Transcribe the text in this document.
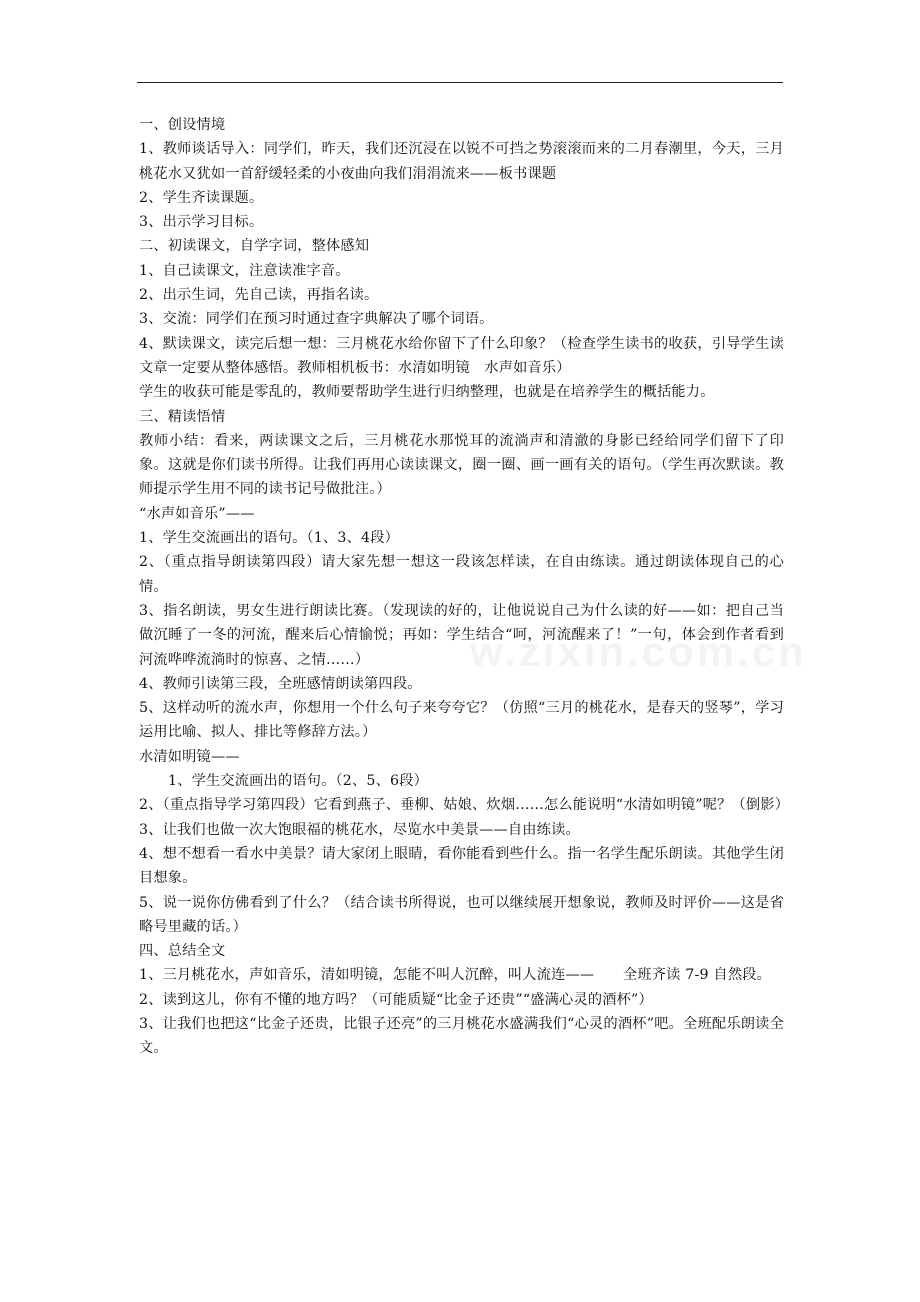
一、创设情境

1、教师谈话导入：同学们，昨天，我们还沉浸在以锐不可挡之势滚滚而来的二月春潮里，今天，三月桃花水又犹如一首舒缓轻柔的小夜曲向我们涓涓流来——板书课题

2、学生齐读课题。

3、出示学习目标。

二、初读课文，自学字词，整体感知

1、自己读课文，注意读准字音。

2、出示生词，先自己读，再指名读。

3、交流：同学们在预习时通过查字典解决了哪个词语。

4、默读课文，读完后想一想：三月桃花水给你留下了什么印象？（检查学生读书的收获，引导学生读文章一定要从整体感悟。教师相机板书：水清如明镜　水声如音乐）

学生的收获可能是零乱的，教师要帮助学生进行归纳整理，也就是在培养学生的概括能力。

三、精读悟情

教师小结：看来，两读课文之后，三月桃花水那悦耳的流淌声和清澈的身影已经给同学们留下了印象。这就是你们读书所得。让我们再用心读读课文，圈一圈、画一画有关的语句。（学生再次默读。教师提示学生用不同的读书记号做批注。）

“水声如音乐”——

1、学生交流画出的语句。（1、3、4段）

2、（重点指导朗读第四段）请大家先想一想这一段该怎样读，在自由练读。通过朗读体现自己的心情。

3、指名朗读，男女生进行朗读比赛。（发现读的好的，让他说说自己为什么读的好——如：把自己当做沉睡了一冬的河流，醒来后心情愉悦；再如：学生结合“呵，河流醒来了！”一句，体会到作者看到河流哗哗流淌时的惊喜、之情……）

4、教师引读第三段，全班感情朗读第四段。

5、这样动听的流水声，你想用一个什么句子来夸夸它？（仿照“三月的桃花水，是春天的竖琴”，学习运用比喻、拟人、排比等修辞方法。）

水清如明镜——

1、学生交流画出的语句。（2、5、6段）

2、（重点指导学习第四段）它看到燕子、垂柳、姑娘、炊烟……怎么能说明“水清如明镜”呢？（倒影）

3、让我们也做一次大饱眼福的桃花水，尽览水中美景——自由练读。

4、想不想看一看水中美景？请大家闭上眼睛，看你能看到些什么。指一名学生配乐朗读。其他学生闭目想象。

5、说一说你仿佛看到了什么？（结合读书所得说，也可以继续展开想象说，教师及时评价——这是省略号里藏的话。）

四、总结全文

1、三月桃花水，声如音乐，清如明镜，怎能不叫人沉醉，叫人流连——　　全班齐读 7-9 自然段。

2、读到这儿，你有不懂的地方吗？（可能质疑“比金子还贵”“盛满心灵的酒杯”）

3、让我们也把这“比金子还贵，比银子还亮”的三月桃花水盛满我们“心灵的酒杯”吧。全班配乐朗读全文。
